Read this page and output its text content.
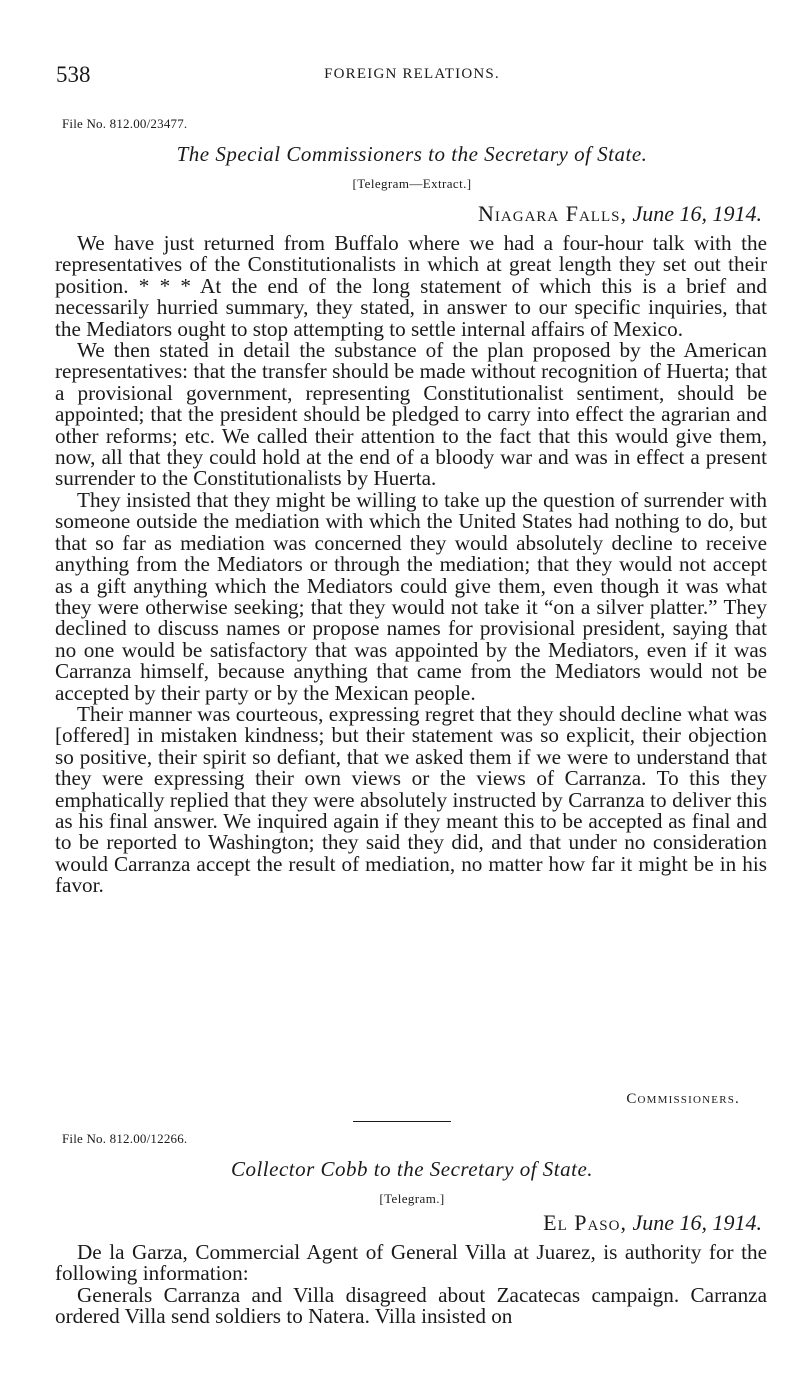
538	FOREIGN RELATIONS.
File No. 812.00/23477.
The Special Commissioners to the Secretary of State.
[Telegram—Extract.]
Niagara Falls, June 16, 1914.

We have just returned from Buffalo where we had a four-hour talk with the representatives of the Constitutionalists in which at great length they set out their position. * * * At the end of the long statement of which this is a brief and necessarily hurried summary, they stated, in answer to our specific inquiries, that the Mediators ought to stop attempting to settle internal affairs of Mexico.

We then stated in detail the substance of the plan proposed by the American representatives: that the transfer should be made without recognition of Huerta; that a provisional government, representing Constitutionalist sentiment, should be appointed; that the president should be pledged to carry into effect the agrarian and other reforms; etc. We called their attention to the fact that this would give them, now, all that they could hold at the end of a bloody war and was in effect a present surrender to the Constitutionalists by Huerta.

They insisted that they might be willing to take up the question of surrender with someone outside the mediation with which the United States had nothing to do, but that so far as mediation was concerned they would absolutely decline to receive anything from the Mediators or through the mediation; that they would not accept as a gift anything which the Mediators could give them, even though it was what they were otherwise seeking; that they would not take it “on a silver platter.” They declined to discuss names or propose names for provisional president, saying that no one would be satisfactory that was appointed by the Mediators, even if it was Carranza himself, because anything that came from the Mediators would not be accepted by their party or by the Mexican people.

Their manner was courteous, expressing regret that they should decline what was [offered] in mistaken kindness; but their statement was so explicit, their objection so positive, their spirit so defiant, that we asked them if we were to understand that they were expressing their own views or the views of Carranza. To this they emphatically replied that they were absolutely instructed by Carranza to deliver this as his final answer. We inquired again if they meant this to be accepted as final and to be reported to Washington; they said they did, and that under no consideration would Carranza accept the result of mediation, no matter how far it might be in his favor.

Commissioners.
File No. 812.00/12266.
Collector Cobb to the Secretary of State.
[Telegram.]
El Paso, June 16, 1914.

De la Garza, Commercial Agent of General Villa at Juarez, is authority for the following information:

Generals Carranza and Villa disagreed about Zacatecas campaign. Carranza ordered Villa send soldiers to Natera. Villa insisted on
